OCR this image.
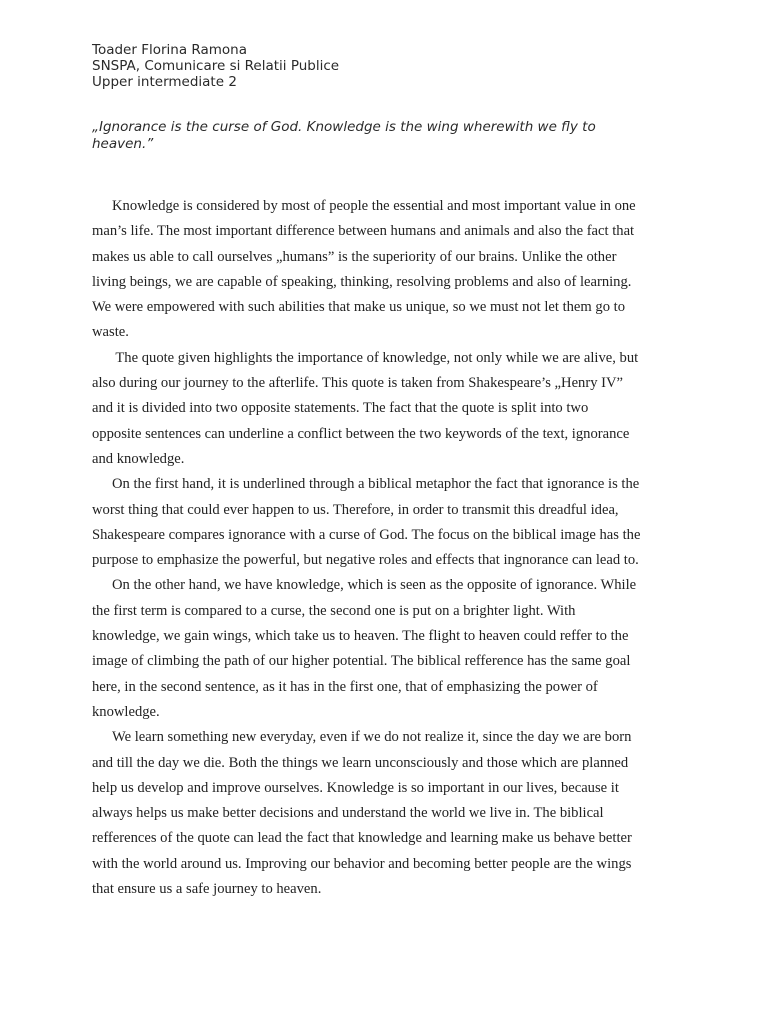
Toader Florina Ramona
SNSPA, Comunicare si Relatii Publice
Upper intermediate 2
„Ignorance is the curse of God. Knowledge is the wing wherewith we fly to
heaven.”
Knowledge is considered by most of people the essential and most important value in one
man’s life. The most important difference between humans and animals and also the fact that
makes us able to call ourselves „humans” is the superiority of our brains. Unlike the other
living beings, we are capable of speaking, thinking, resolving problems and also of learning.
We were empowered with such abilities that make us unique, so we must not let them go to
waste.
The quote given highlights the importance of knowledge, not only while we are alive, but
also during our journey to the afterlife. This quote is taken from Shakespeare’s „Henry IV”
and it is divided into two opposite statements. The fact that the quote is split into two
opposite sentences can underline a conflict between the two keywords of the text, ignorance
and knowledge.
On the first hand, it is underlined through a biblical metaphor the fact that ignorance is the
worst thing that could ever happen to us. Therefore, in order to transmit this dreadful idea,
Shakespeare compares ignorance with a curse of God. The focus on the biblical image has the
purpose to emphasize the powerful, but negative roles and effects that ingnorance can lead to.
On the other hand, we have knowledge, which is seen as the opposite of ignorance. While
the first term is compared to a curse, the second one is put on a brighter light. With
knowledge, we gain wings, which take us to heaven. The flight to heaven could reffer to the
image of climbing the path of our higher potential. The biblical refference has the same goal
here, in the second sentence, as it has in the first one, that of emphasizing the power of
knowledge.
We learn something new everyday, even if we do not realize it, since the day we are born
and till the day we die. Both the things we learn unconsciously and those which are planned
help us develop and improve ourselves. Knowledge is so important in our lives, because it
always helps us make better decisions and understand the world we live in. The biblical
refferences of the quote can lead the fact that knowledge and learning make us behave better
with the world around us. Improving our behavior and becoming better people are the wings
that ensure us a safe journey to heaven.
